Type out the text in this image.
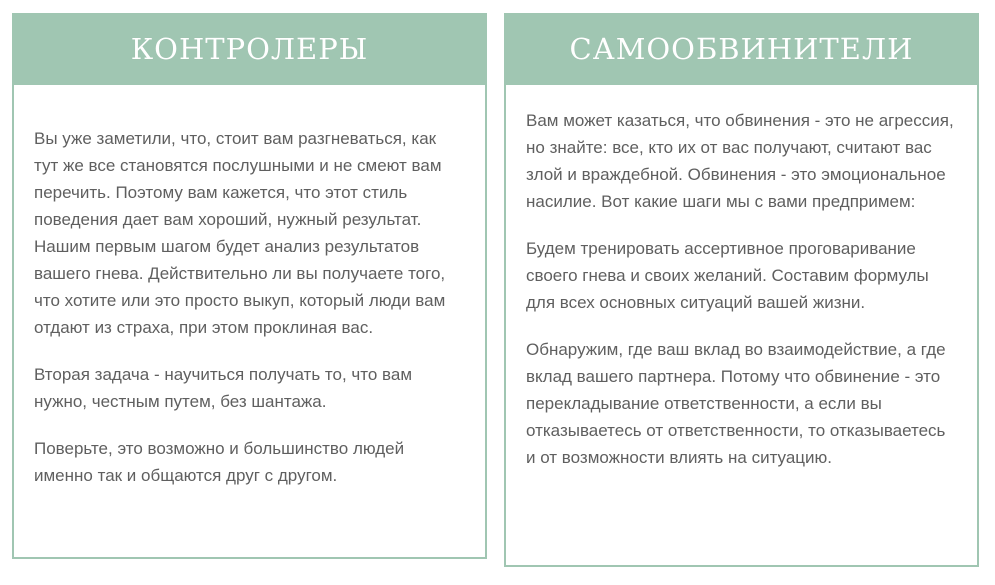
КОНТРОЛЕРЫ

Вы уже заметили, что, стоит вам разгневаться, как тут же все становятся послушными и не смеют вам перечить. Поэтому вам кажется, что этот стиль поведения дает вам хороший, нужный результат. Нашим первым шагом будет анализ результатов вашего гнева. Действительно ли вы получаете того, что хотите или это просто выкуп, который люди вам отдают из страха, при этом проклиная вас.

Вторая задача - научиться получать то, что вам нужно, честным путем, без шантажа.

Поверьте, это возможно и большинство людей именно так и общаются друг с другом.

САМООБВИНИТЕЛИ

Вам может казаться, что обвинения - это не агрессия, но знайте: все, кто их от вас получают, считают вас злой и враждебной. Обвинения - это эмоциональное насилие. Вот какие шаги мы с вами предпримем:

Будем тренировать ассертивное проговаривание своего гнева и своих желаний. Составим формулы для всех основных ситуаций вашей жизни.

Обнаружим, где ваш вклад во взаимодействие, а где вклад вашего партнера. Потому что обвинение - это перекладывание ответственности, а если вы отказываетесь от ответственности, то отказываетесь и от возможности влиять на ситуацию.
